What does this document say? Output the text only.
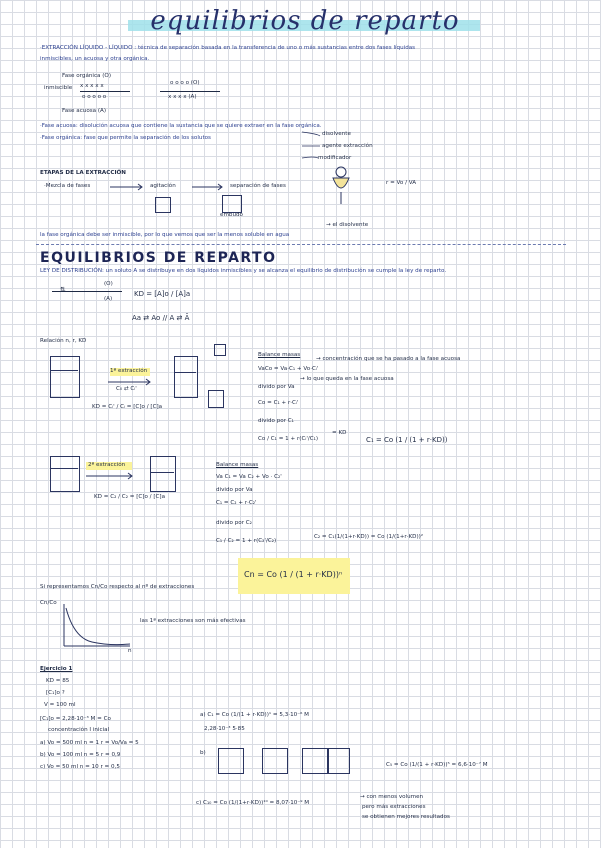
equilibrios de reparto
·EXTRACCIÓN LÍQUIDO - LÍQUIDO : técnica de separación basada en la transferencia de uno o más sustancias entre dos fases líquidas
inmiscibles, un acuosa y otra orgánica.
Fase orgánica (O)
inmiscible x x x x x
o o o o o
o o o o (O)
x x x x (A)
Fase acuosa (A)
·Fase acuosa: disolución acuosa que contiene la sustancia que se quiere extraer en la fase orgánica.
·Fase orgánica: fase que permite la separación de los solutos
disolvente
agente extracción
modificador
ETAPAS DE LA EXTRACCIÓN
·Mezcla de fases	agitación	separación de fases
embudo
r = Vo / VA
→ el disolvente
la fase orgánica debe ser inmiscible, por lo que vemos que ser la menos soluble en agua
EQUILIBRIOS DE REPARTO
LEY DE DISTRIBUCIÓN: un soluto A se distribuye en dos líquidos inmiscibles y se alcanza el equilibrio de distribución se cumple la ley de reparto.
(O)
(A)
⇅	KD = [A]o / [A]a
Aa ⇄ Ao // A ⇄ Ā
Relación n, r, KD
1ª extracción
C₀ ⇄ Cᵢ'
KD = Cᵢ' / Cᵢ = [C]o / [C]a
Balance masas
→ concentración que se ha pasado a la fase acuosa
VaCo = Va·C₁ + Vo·Cᵢ'
→ lo que queda en la fase acuosa
divido por Va
Co = C₁ + r·Cᵢ'
divido por C₁
Co / C₁ = 1 + r(Cᵢ'/C₁)
= KD
C₁ = Co (1 / (1 + r·KD))
2ª extracción
KD = C₂ / C₂ = [C]o / [C]a
Balance masas
Va C₁ = Va C₂ + Vo · C₂'
divido por Va
C₁ = C₂ + r·C₂'
divido por C₂
C₁ / C₂ = 1 + r(C₂'/C₂)
C₂ = C₁(1/(1+r·KD)) = Co (1/(1+r·KD))²
Cn = Co (1 / (1 + r·KD))ⁿ
Si representamos Cn/Co respecto al nº de extracciones
Cn/Co
n
las 1ª extracciones son más efectivas
Ejercicio 1
KD = 85
[C₁]o ?
V = 100 ml
[C₁]o = 2,28·10⁻³ M = Co
concentración I inicial
a) Vo = 500 ml n = 1 r = Vo/Va = 5
b) Vo = 100 ml n = 5 r = 0,9
c) Vo = 50 ml n = 10 r = 0,5
a) C₁ = Co (1/(1 + r·KD))¹ = 5,3·10⁻⁶ M
2,28·10⁻³ 5·85
b)
C₅ = Co (1/(1 + r·KD))⁵ = 6,6·10⁻⁷ M
c) C₁₀ = Co (1/(1+r·KD))¹⁰ = 8,07·10⁻⁹ M
→ con menos volumen
pero más extracciones
se obtienen mejores resultados
